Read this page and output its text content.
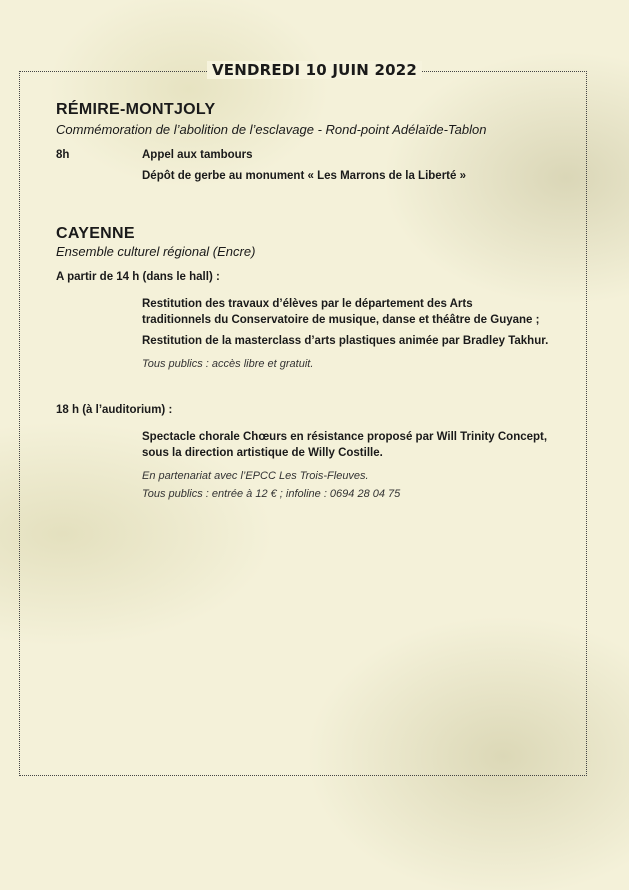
VENDREDI 10 JUIN 2022
RÉMIRE-MONTJOLY
Commémoration de l’abolition de l’esclavage - Rond-point Adélaïde-Tablon
8h	Appel aux tambours
Dépôt de gerbe au monument « Les Marrons de la Liberté »
CAYENNE
Ensemble culturel régional (Encre)
A partir de 14 h (dans le hall) :
Restitution des travaux d’élèves par le département des Arts
traditionnels du Conservatoire de musique, danse et théâtre de Guyane ;
Restitution de la masterclass d’arts plastiques animée par Bradley Takhur.
Tous publics : accès libre et gratuit.
18 h (à l’auditorium) :
Spectacle chorale Chœurs en résistance proposé par Will Trinity Concept,
sous la direction artistique de Willy Costille.
En partenariat avec l’EPCC Les Trois-Fleuves.
Tous publics : entrée à 12 € ; infoline : 0694 28 04 75
